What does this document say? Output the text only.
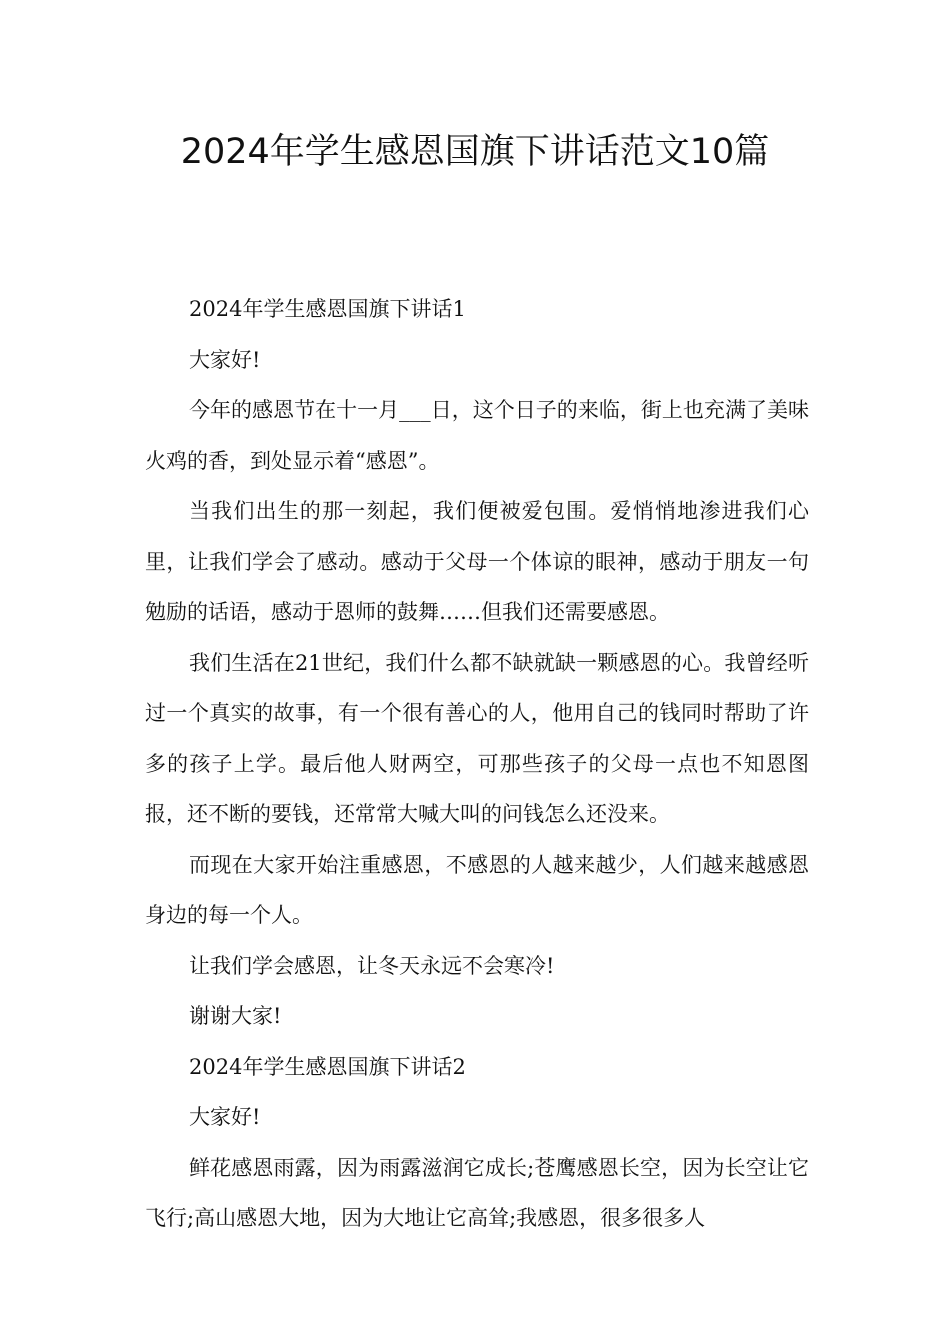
2024年学生感恩国旗下讲话范文10篇

2024年学生感恩国旗下讲话1

大家好!

今年的感恩节在十一月___日，这个日子的来临，街上也充满了美味火鸡的香，到处显示着“感恩”。

当我们出生的那一刻起，我们便被爱包围。爱悄悄地渗进我们心里，让我们学会了感动。感动于父母一个体谅的眼神，感动于朋友一句勉励的话语，感动于恩师的鼓舞……但我们还需要感恩。

我们生活在21世纪，我们什么都不缺就缺一颗感恩的心。我曾经听过一个真实的故事，有一个很有善心的人，他用自己的钱同时帮助了许多的孩子上学。最后他人财两空，可那些孩子的父母一点也不知恩图报，还不断的要钱，还常常大喊大叫的问钱怎么还没来。

而现在大家开始注重感恩，不感恩的人越来越少，人们越来越感恩身边的每一个人。

让我们学会感恩，让冬天永远不会寒冷!

谢谢大家!

2024年学生感恩国旗下讲话2

大家好!

鲜花感恩雨露，因为雨露滋润它成长;苍鹰感恩长空，因为长空让它飞行;高山感恩大地，因为大地让它高耸;我感恩，很多很多人
